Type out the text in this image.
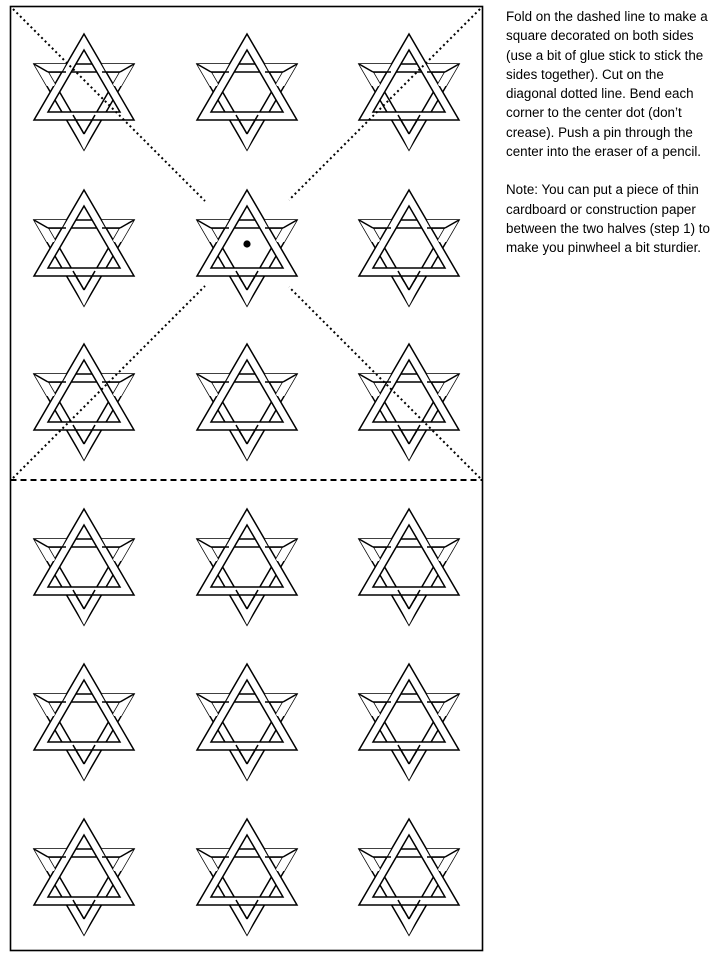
Fold on the dashed line to make a square decorated on both sides (use a bit of glue stick to stick the sides together). Cut on the diagonal dotted line. Bend each corner to the center dot (don’t crease). Push a pin through the center into the eraser of a pencil.

Note: You can put a piece of thin cardboard or construction paper between the two halves (step 1) to make you pinwheel a bit sturdier.
